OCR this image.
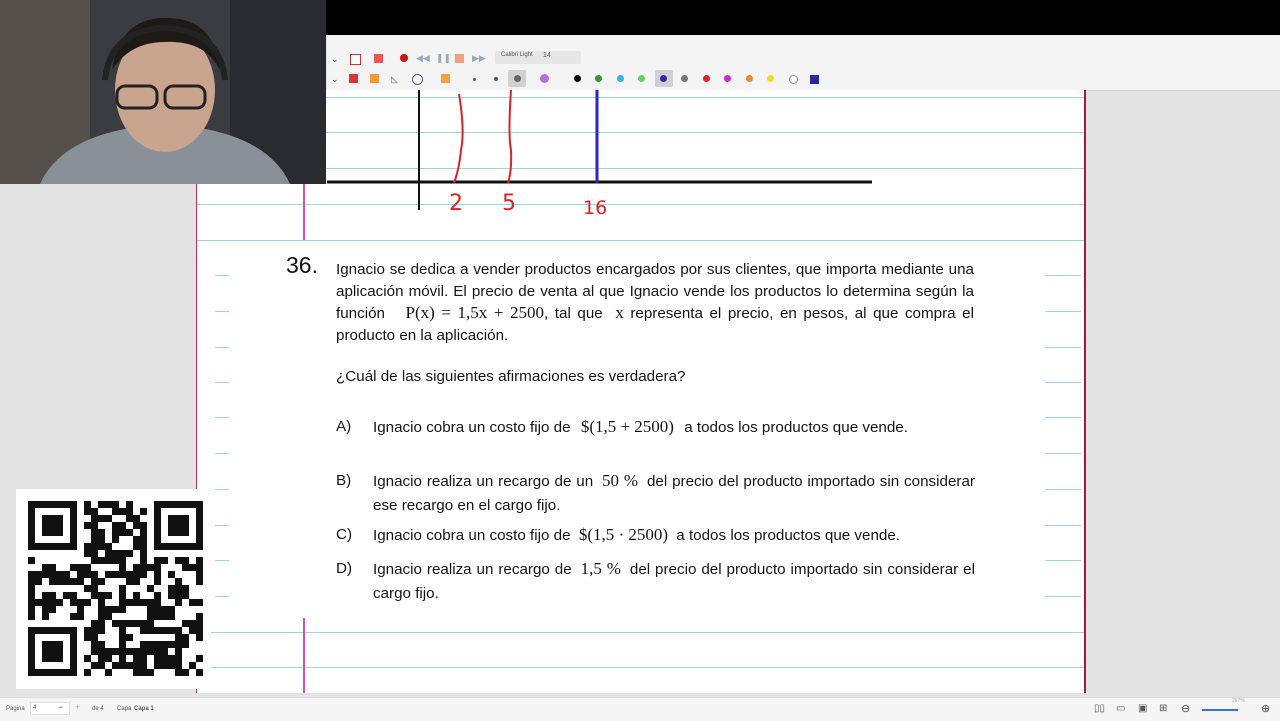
⌄	◀◀ ❚❚ ▶▶	Calibri Light 14
⌄	◺
2 5	16
36. Ignacio se dedica a vender productos encargados por sus clientes, que importa mediante una aplicación móvil. El precio de venta al que Ignacio vende los productos lo determina según la función P(x) = 1,5x + 2500, tal que x representa el precio, en pesos, al que compra el producto en la aplicación.
¿Cuál de las siguientes afirmaciones es verdadera?
A) Ignacio cobra un costo fijo de $(1,5 + 2500) a todos los productos que vende.
B) Ignacio realiza un recargo de un 50 % del precio del producto importado sin considerar ese recargo en el cargo fijo.
C) Ignacio cobra un costo fijo de $(1,5 · 2500) a todos los productos que vende.
D) Ignacio realiza un recargo de 1,5 % del precio del producto importado sin considerar el cargo fijo.
Página	4	− + de 4 Capa Capa 1	▯▯ ▭ ▣ ⊞ ⊖
297%
⊕
